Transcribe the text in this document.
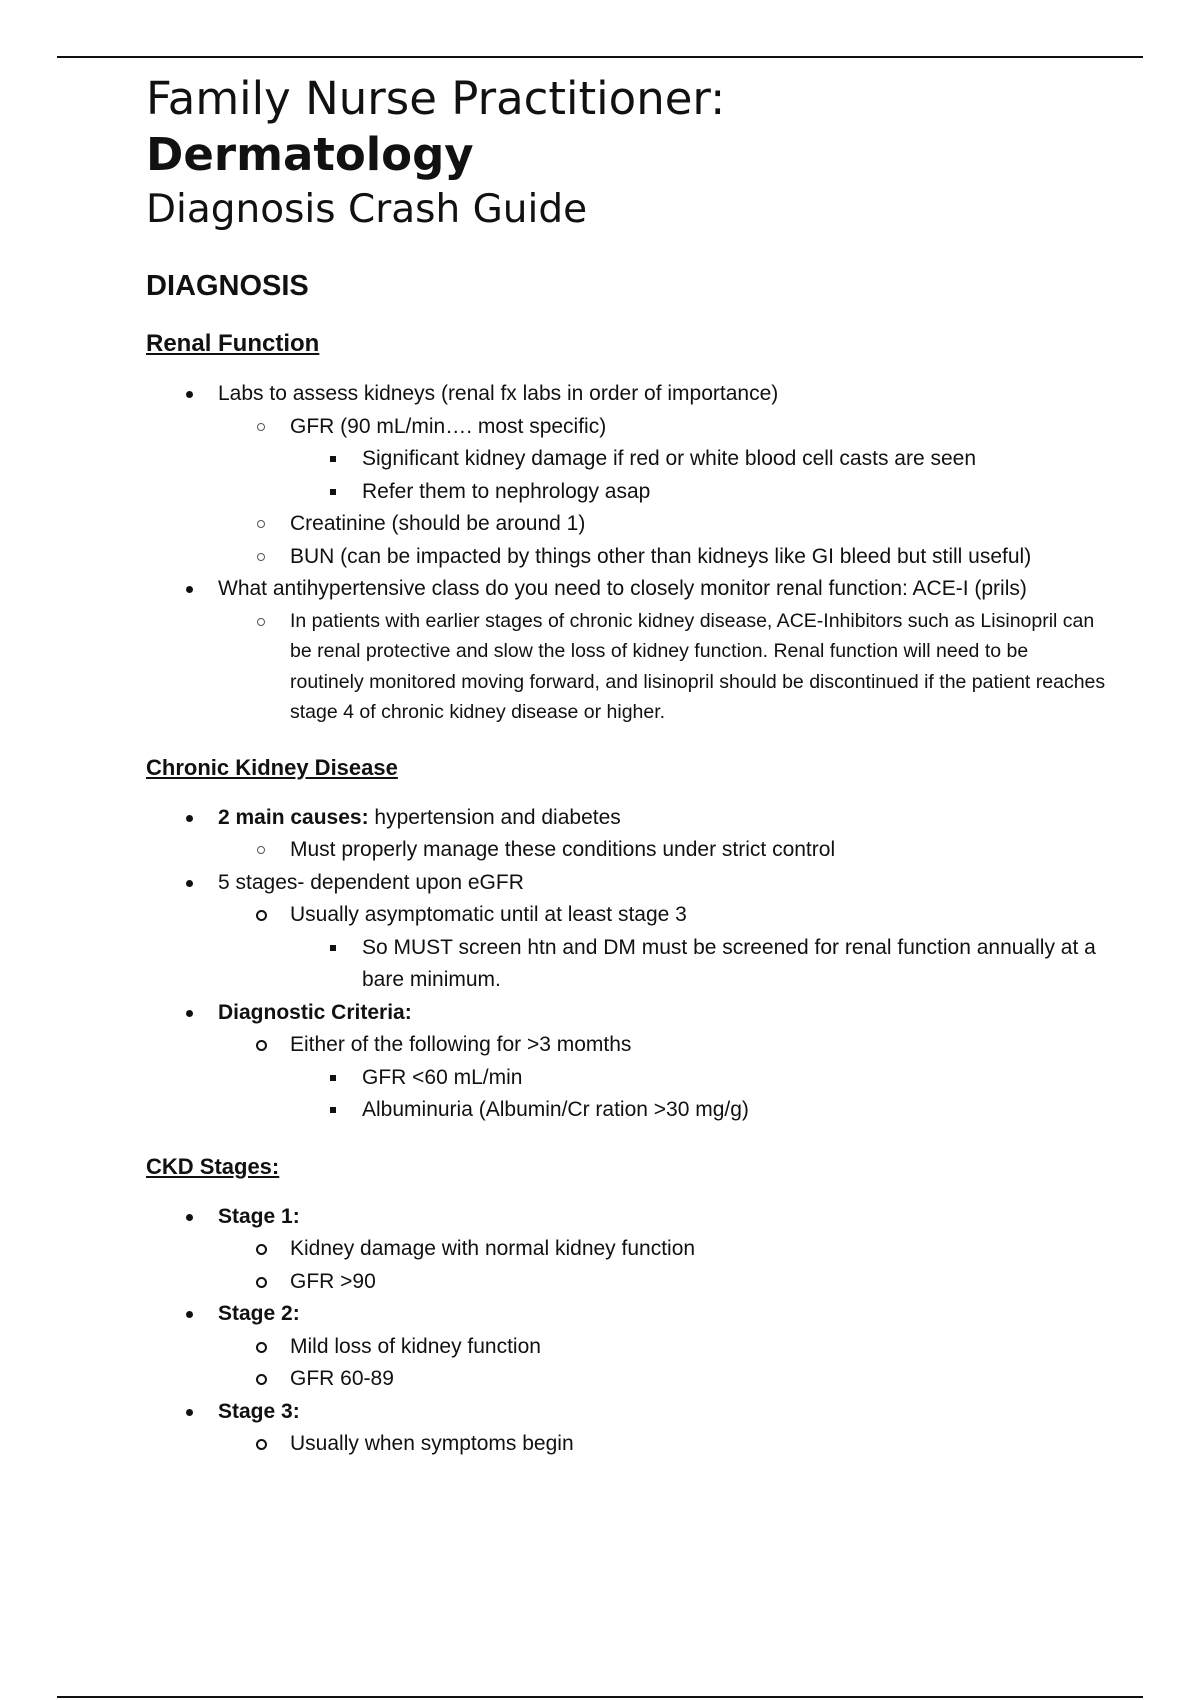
Family Nurse Practitioner:
Dermatology
Diagnosis Crash Guide
DIAGNOSIS
Renal Function
Labs to assess kidneys (renal fx labs in order of importance)
GFR (90 mL/min…. most specific)
Significant kidney damage if red or white blood cell casts are seen
Refer them to nephrology asap
Creatinine (should be around 1)
BUN (can be impacted by things other than kidneys like GI bleed but still useful)
What antihypertensive class do you need to closely monitor renal function: ACE-I (prils)
In patients with earlier stages of chronic kidney disease, ACE-Inhibitors such as Lisinopril can be renal protective and slow the loss of kidney function. Renal function will need to be routinely monitored moving forward, and lisinopril should be discontinued if the patient reaches stage 4 of chronic kidney disease or higher.
Chronic Kidney Disease
2 main causes: hypertension and diabetes
Must properly manage these conditions under strict control
5 stages- dependent upon eGFR
Usually asymptomatic until at least stage 3
So MUST screen htn and DM must be screened for renal function annually at a bare minimum.
Diagnostic Criteria:
Either of the following for >3 momths
GFR <60 mL/min
Albuminuria (Albumin/Cr ration >30 mg/g)
CKD Stages:
Stage 1:
Kidney damage with normal kidney function
GFR >90
Stage 2:
Mild loss of kidney function
GFR 60-89
Stage 3:
Usually when symptoms begin
